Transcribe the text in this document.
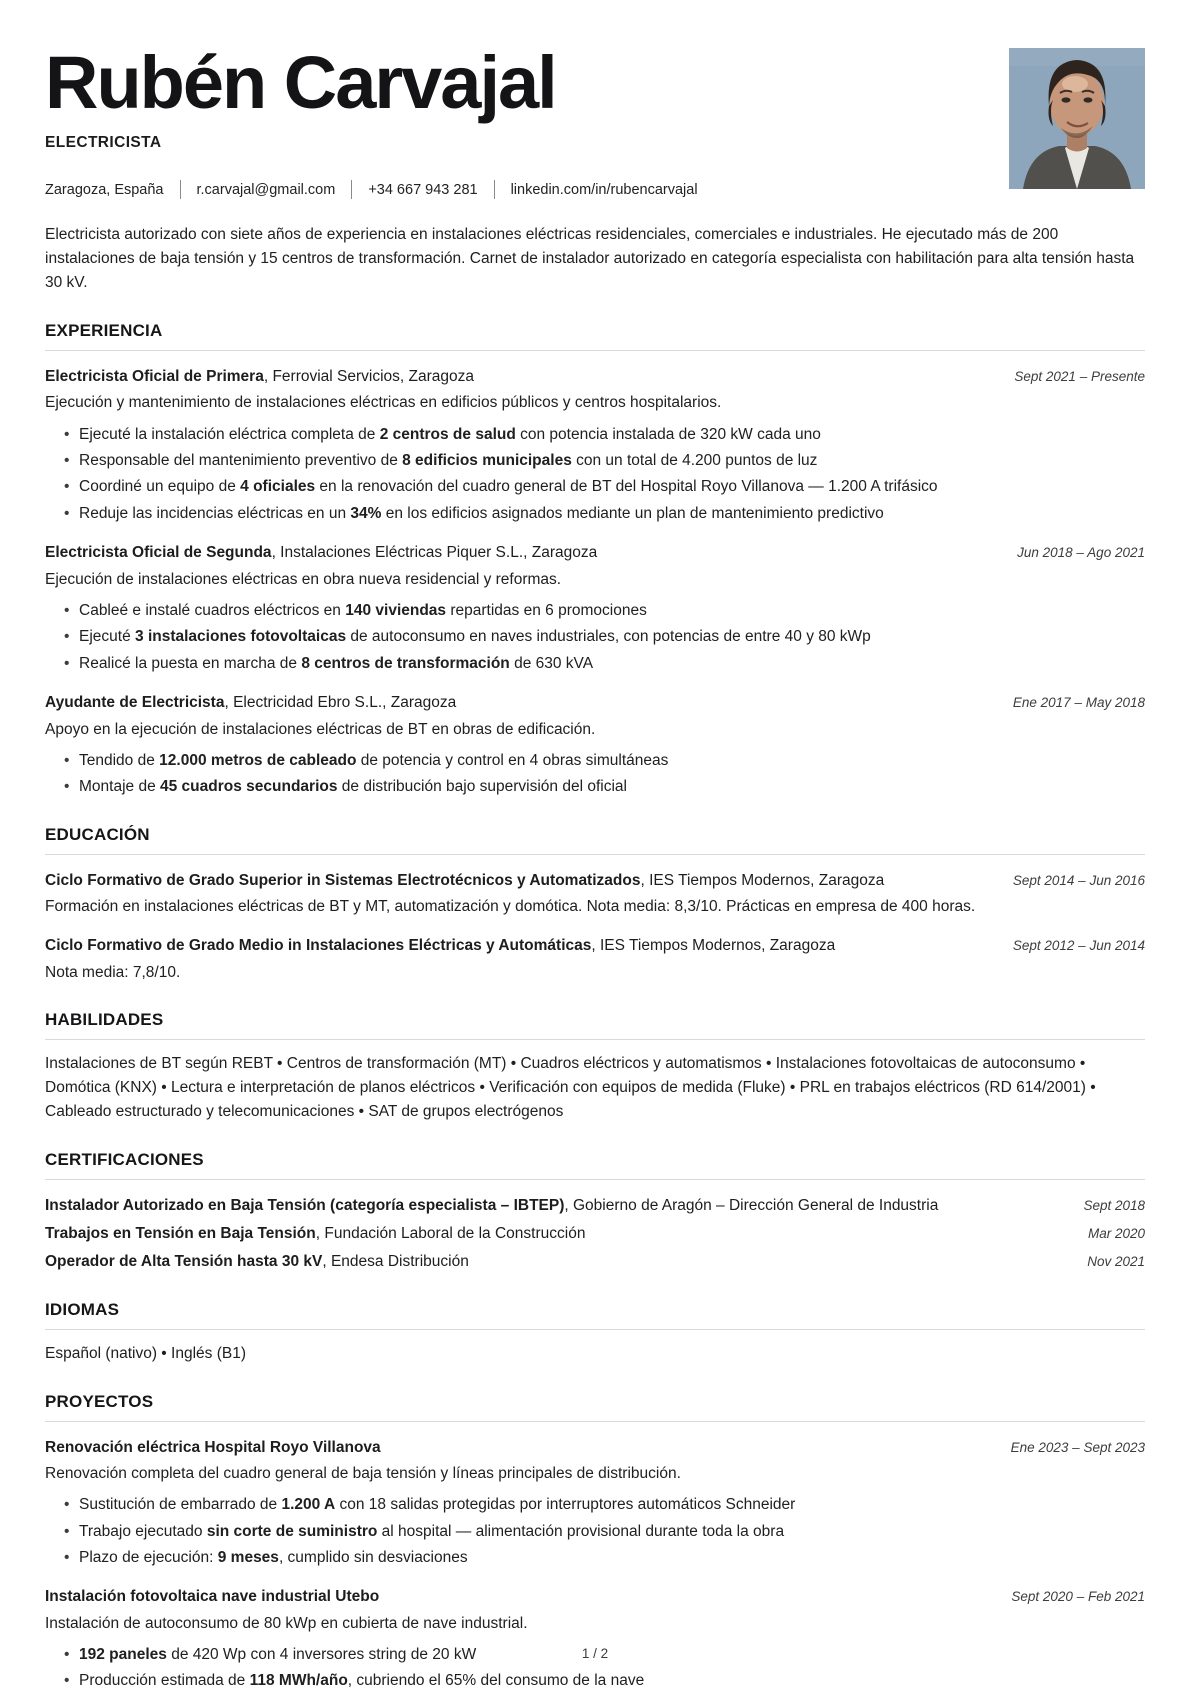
Rubén Carvajal
ELECTRICISTA
Zaragoza, España r.carvajal@gmail.com +34 667 943 281 linkedin.com/in/rubencarvajal

Electricista autorizado con siete años de experiencia en instalaciones eléctricas residenciales, comerciales e industriales. He ejecutado más de 200 instalaciones de baja tensión y 15 centros de transformación. Carnet de instalador autorizado en categoría especialista con habilitación para alta tensión hasta 30 kV.

EXPERIENCIA
Electricista Oficial de Primera, Ferrovial Servicios, Zaragoza	Sept 2021 – Presente
Ejecución y mantenimiento de instalaciones eléctricas en edificios públicos y centros hospitalarios.
• Ejecuté la instalación eléctrica completa de 2 centros de salud con potencia instalada de 320 kW cada uno
• Responsable del mantenimiento preventivo de 8 edificios municipales con un total de 4.200 puntos de luz
• Coordiné un equipo de 4 oficiales en la renovación del cuadro general de BT del Hospital Royo Villanova — 1.200 A trifásico
• Reduje las incidencias eléctricas en un 34% en los edificios asignados mediante un plan de mantenimiento predictivo
Electricista Oficial de Segunda, Instalaciones Eléctricas Piquer S.L., Zaragoza	Jun 2018 – Ago 2021
Ejecución de instalaciones eléctricas en obra nueva residencial y reformas.
• Cableé e instalé cuadros eléctricos en 140 viviendas repartidas en 6 promociones
• Ejecuté 3 instalaciones fotovoltaicas de autoconsumo en naves industriales, con potencias de entre 40 y 80 kWp
• Realicé la puesta en marcha de 8 centros de transformación de 630 kVA
Ayudante de Electricista, Electricidad Ebro S.L., Zaragoza	Ene 2017 – May 2018
Apoyo en la ejecución de instalaciones eléctricas de BT en obras de edificación.
• Tendido de 12.000 metros de cableado de potencia y control en 4 obras simultáneas
• Montaje de 45 cuadros secundarios de distribución bajo supervisión del oficial
EDUCACIÓN
Ciclo Formativo de Grado Superior in Sistemas Electrotécnicos y Automatizados, IES Tiempos Modernos, Zaragoza	Sept 2014 – Jun 2016
Formación en instalaciones eléctricas de BT y MT, automatización y domótica. Nota media: 8,3/10. Prácticas en empresa de 400 horas.
Ciclo Formativo de Grado Medio in Instalaciones Eléctricas y Automáticas, IES Tiempos Modernos, Zaragoza	Sept 2012 – Jun 2014
Nota media: 7,8/10.
HABILIDADES

Instalaciones de BT según REBT • Centros de transformación (MT) • Cuadros eléctricos y automatismos • Instalaciones fotovoltaicas de autoconsumo • Domótica (KNX) • Lectura e interpretación de planos eléctricos • Verificación con equipos de medida (Fluke) • PRL en trabajos eléctricos (RD 614/2001) • Cableado estructurado y telecomunicaciones • SAT de grupos electrógenos

CERTIFICACIONES
Instalador Autorizado en Baja Tensión (categoría especialista – IBTEP), Gobierno de Aragón – Dirección General de Industria	Sept 2018
Trabajos en Tensión en Baja Tensión, Fundación Laboral de la Construcción	Mar 2020
Operador de Alta Tensión hasta 30 kV, Endesa Distribución	Nov 2021
IDIOMAS

Español (nativo) • Inglés (B1)

PROYECTOS
Renovación eléctrica Hospital Royo Villanova	Ene 2023 – Sept 2023
Renovación completa del cuadro general de baja tensión y líneas principales de distribución.
• Sustitución de embarrado de 1.200 A con 18 salidas protegidas por interruptores automáticos Schneider
• Trabajo ejecutado sin corte de suministro al hospital — alimentación provisional durante toda la obra
• Plazo de ejecución: 9 meses, cumplido sin desviaciones
Instalación fotovoltaica nave industrial Utebo	Sept 2020 – Feb 2021
Instalación de autoconsumo de 80 kWp en cubierta de nave industrial.
• 192 paneles de 420 Wp con 4 inversores string de 20 kW
• Producción estimada de 118 MWh/año, cubriendo el 65% del consumo de la nave
1 / 2
